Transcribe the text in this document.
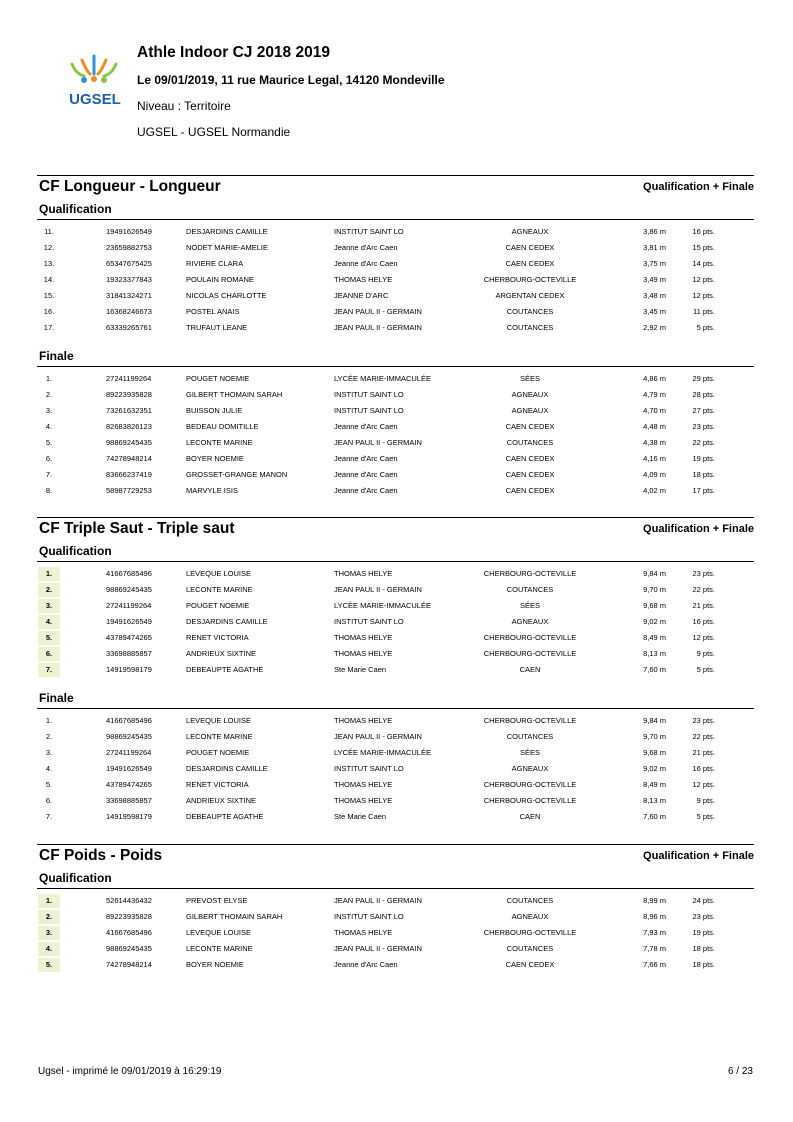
UGSEL
Athle Indoor CJ 2018 2019
Le 09/01/2019, 11 rue Maurice Legal, 14120 Mondeville
Niveau : Territoire
UGSEL - UGSEL Normandie
CF Longueur - Longueur	Qualification + Finale
Qualification
11.	19491626549	DESJARDINS CAMILLE	INSTITUT SAINT LO	AGNEAUX	3,86 m	16 pts.
12.	23659882753	NODET MARIE-AMELIE	Jeanne d'Arc Caen	CAEN CEDEX	3,81 m	15 pts.
13.	65347675425	RIVIERE CLARA	Jeanne d'Arc Caen	CAEN CEDEX	3,75 m	14 pts.
14.	19323377843	POULAIN ROMANE	THOMAS HELYE	CHERBOURG-OCTEVILLE	3,49 m	12 pts.
15.	31841324271	NICOLAS CHARLOTTE	JEANNE D'ARC	ARGENTAN CEDEX	3,48 m	12 pts.
16.	16368246673	POSTEL ANAIS	JEAN PAUL II - GERMAIN	COUTANCES	3,45 m	11 pts.
17.	63339265761	TRUFAUT LEANE	JEAN PAUL II - GERMAIN	COUTANCES	2,92 m	5 pts.
Finale
1.	27241199264	POUGET NOEMIE	LYCÉE MARIE-IMMACULÉE	SÉES	4,86 m	29 pts.
2.	89223935828	GILBERT THOMAIN SARAH	INSTITUT SAINT LO	AGNEAUX	4,79 m	28 pts.
3.	73261632351	BUISSON JULIE	INSTITUT SAINT LO	AGNEAUX	4,70 m	27 pts.
4.	82683826123	BEDEAU DOMITILLE	Jeanne d'Arc Caen	CAEN CEDEX	4,48 m	23 pts.
5.	98869245435	LECONTE MARINE	JEAN PAUL II - GERMAIN	COUTANCES	4,38 m	22 pts.
6.	74278948214	BOYER NOEMIE	Jeanne d'Arc Caen	CAEN CEDEX	4,16 m	19 pts.
7.	83666237419	GROSSET-GRANGE MANON	Jeanne d'Arc Caen	CAEN CEDEX	4,09 m	18 pts.
8.	58987729253	MARVYLE ISIS	Jeanne d'Arc Caen	CAEN CEDEX	4,02 m	17 pts.
CF Triple Saut - Triple saut	Qualification + Finale
Qualification
1.	41667685496	LEVEQUE LOUISE	THOMAS HELYE	CHERBOURG-OCTEVILLE	9,84 m	23 pts.
2.	98869245435	LECONTE MARINE	JEAN PAUL II - GERMAIN	COUTANCES	9,70 m	22 pts.
3.	27241199264	POUGET NOEMIE	LYCÉE MARIE-IMMACULÉE	SÉES	9,68 m	21 pts.
4.	19491626549	DESJARDINS CAMILLE	INSTITUT SAINT LO	AGNEAUX	9,02 m	16 pts.
5.	43789474265	RENET VICTORIA	THOMAS HELYE	CHERBOURG-OCTEVILLE	8,49 m	12 pts.
6.	33698885857	ANDRIEUX SIXTINE	THOMAS HELYE	CHERBOURG-OCTEVILLE	8,13 m	9 pts.
7.	14919598179	DEBEAUPTE AGATHE	Ste Marie Caen	CAEN	7,60 m	5 pts.
Finale
1.	41667685496	LEVEQUE LOUISE	THOMAS HELYE	CHERBOURG-OCTEVILLE	9,84 m	23 pts.
2.	98869245435	LECONTE MARINE	JEAN PAUL II - GERMAIN	COUTANCES	9,70 m	22 pts.
3.	27241199264	POUGET NOEMIE	LYCÉE MARIE-IMMACULÉE	SÉES	9,68 m	21 pts.
4.	19491626549	DESJARDINS CAMILLE	INSTITUT SAINT LO	AGNEAUX	9,02 m	16 pts.
5.	43789474265	RENET VICTORIA	THOMAS HELYE	CHERBOURG-OCTEVILLE	8,49 m	12 pts.
6.	33698885857	ANDRIEUX SIXTINE	THOMAS HELYE	CHERBOURG-OCTEVILLE	8,13 m	9 pts.
7.	14919598179	DEBEAUPTE AGATHE	Ste Marie Caen	CAEN	7,60 m	5 pts.
CF Poids - Poids	Qualification + Finale
Qualification
1.	52614436432	PREVOST ELYSE	JEAN PAUL II - GERMAIN	COUTANCES	8,99 m	24 pts.
2.	89223935828	GILBERT THOMAIN SARAH	INSTITUT SAINT LO	AGNEAUX	8,96 m	23 pts.
3.	41667685496	LEVEQUE LOUISE	THOMAS HELYE	CHERBOURG-OCTEVILLE	7,93 m	19 pts.
4.	98869245435	LECONTE MARINE	JEAN PAUL II - GERMAIN	COUTANCES	7,78 m	18 pts.
5.	74278948214	BOYER NOEMIE	Jeanne d'Arc Caen	CAEN CEDEX	7,66 m	18 pts.
Ugsel - imprimé le 09/01/2019 à 16:29:19	6 / 23
